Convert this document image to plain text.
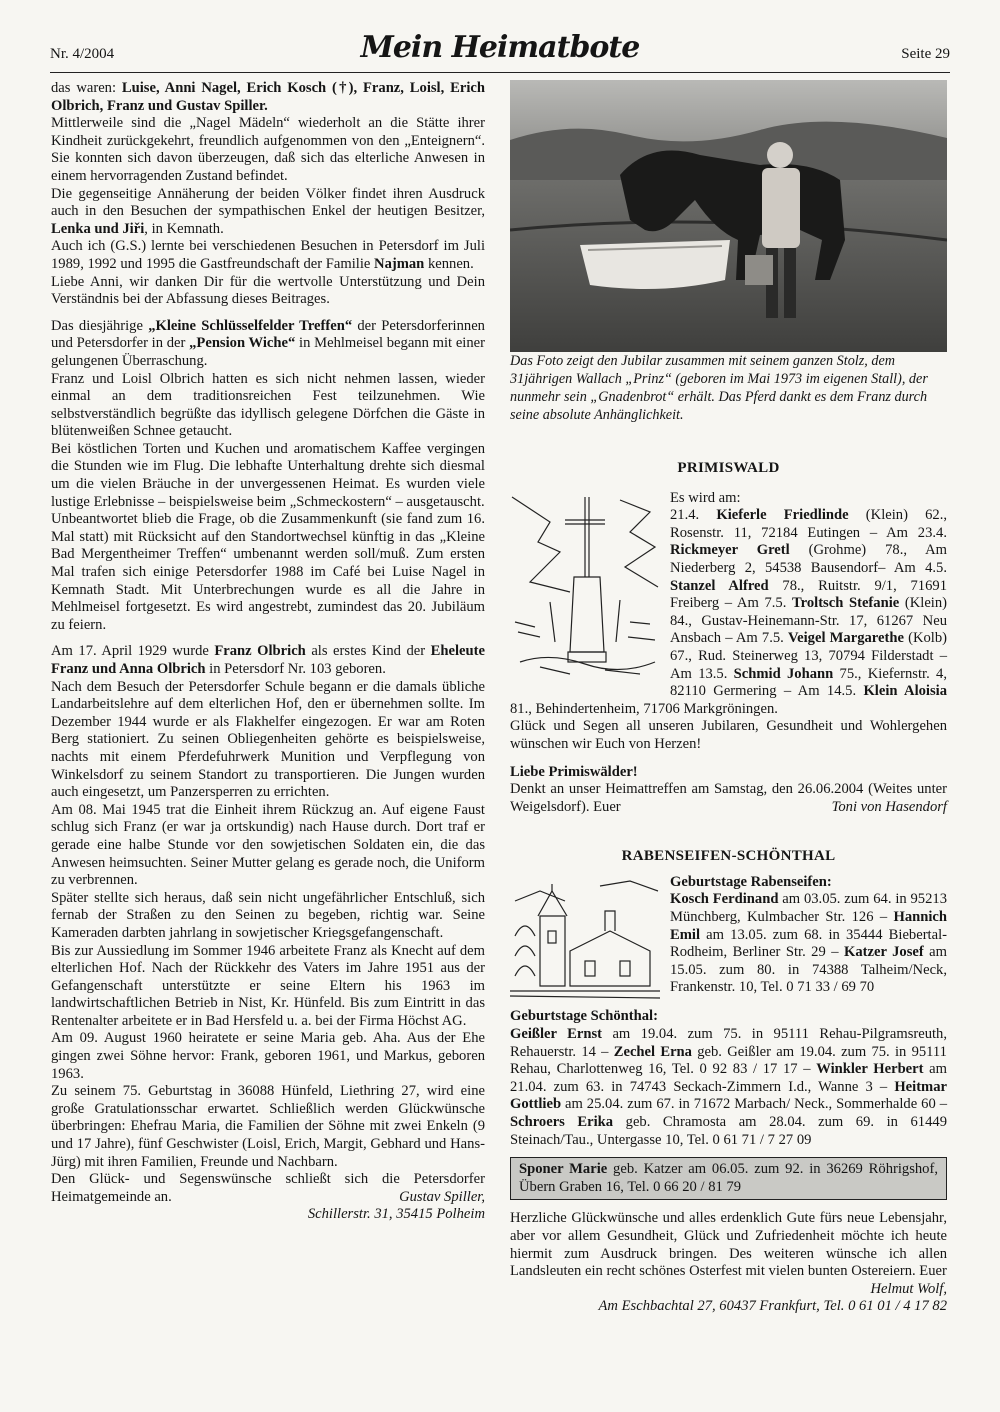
Nr. 4/2004	Mein Heimatbote	Seite 29

das waren: Luise, Anni Nagel, Erich Kosch (†), Franz, Loisl, Erich Olbrich, Franz und Gustav Spiller.

Mittlerweile sind die „Nagel Mädeln“ wiederholt an die Stätte ihrer Kindheit zurückgekehrt, freundlich aufgenommen von den „Enteignern“. Sie konnten sich davon überzeugen, daß sich das elterliche Anwesen in einem hervorragenden Zustand befindet.

Die gegenseitige Annäherung der beiden Völker findet ihren Ausdruck auch in den Besuchen der sympathischen Enkel der heutigen Besitzer, Lenka und Jiři, in Kemnath.

Auch ich (G.S.) lernte bei verschiedenen Besuchen in Petersdorf im Juli 1989, 1992 und 1995 die Gastfreundschaft der Familie Najman kennen.

Liebe Anni, wir danken Dir für die wertvolle Unterstützung und Dein Verständnis bei der Abfassung dieses Beitrages.

Das diesjährige „Kleine Schlüsselfelder Treffen“ der Petersdorferinnen und Petersdorfer in der „Pension Wiche“ in Mehlmeisel begann mit einer gelungenen Überraschung.

Franz und Loisl Olbrich hatten es sich nicht nehmen lassen, wieder einmal an dem traditionsreichen Fest teilzunehmen. Wie selbstverständlich begrüßte das idyllisch gelegene Dörfchen die Gäste in blütenweißen Schnee getaucht.

Bei köstlichen Torten und Kuchen und aromatischem Kaffee vergingen die Stunden wie im Flug. Die lebhafte Unterhaltung drehte sich diesmal um die vielen Bräuche in der unvergessenen Heimat. Es wurden viele lustige Erlebnisse – beispielsweise beim „Schmeckostern“ – ausgetauscht.

Unbeantwortet blieb die Frage, ob die Zusammenkunft (sie fand zum 16. Mal statt) mit Rücksicht auf den Standortwechsel künftig in das „Kleine Bad Mergentheimer Treffen“ umbenannt werden soll/muß. Zum ersten Mal trafen sich einige Petersdorfer 1988 im Café bei Luise Nagel in Kemnath Stadt. Mit Unterbrechungen wurde es all die Jahre in Mehlmeisel fortgesetzt. Es wird angestrebt, zumindest das 20. Jubiläum zu feiern.

Am 17. April 1929 wurde Franz Olbrich als erstes Kind der Eheleute Franz und Anna Olbrich in Petersdorf Nr. 103 geboren.

Nach dem Besuch der Petersdorfer Schule begann er die damals übliche Landarbeitslehre auf dem elterlichen Hof, den er übernehmen sollte. Im Dezember 1944 wurde er als Flakhelfer eingezogen. Er war am Roten Berg stationiert. Zu seinen Obliegenheiten gehörte es beispielsweise, nachts mit einem Pferdefuhrwerk Munition und Verpflegung von Winkelsdorf zu seinem Standort zu transportieren. Die Jungen wurden auch eingesetzt, um Panzersperren zu errichten.

Am 08. Mai 1945 trat die Einheit ihrem Rückzug an. Auf eigene Faust schlug sich Franz (er war ja ortskundig) nach Hause durch. Dort traf er gerade eine halbe Stunde vor den sowjetischen Soldaten ein, die das Anwesen heimsuchten. Seiner Mutter gelang es gerade noch, die Uniform zu verbrennen.

Später stellte sich heraus, daß sein nicht ungefährlicher Entschluß, sich fernab der Straßen zu den Seinen zu begeben, richtig war. Seine Kameraden darbten jahrlang in sowjetischer Kriegsgefangenschaft.

Bis zur Aussiedlung im Sommer 1946 arbeitete Franz als Knecht auf dem elterlichen Hof. Nach der Rückkehr des Vaters im Jahre 1951 aus der Gefangenschaft unterstützte er seine Eltern his 1963 im landwirtschaftlichen Betrieb in Nist, Kr. Hünfeld. Bis zum Eintritt in das Rentenalter arbeitete er in Bad Hersfeld u. a. bei der Firma Höchst AG.

Am 09. August 1960 heiratete er seine Maria geb. Aha. Aus der Ehe gingen zwei Söhne hervor: Frank, geboren 1961, und Markus, geboren 1963.

Zu seinem 75. Geburtstag in 36088 Hünfeld, Liethring 27, wird eine große Gratulationsschar erwartet. Schließlich werden Glückwünsche überbringen: Ehefrau Maria, die Familien der Söhne mit zwei Enkeln (9 und 17 Jahre), fünf Geschwister (Loisl, Erich, Margit, Gebhard und Hans-Jürg) mit ihren Familien, Freunde und Nachbarn.

Den Glück- und Segenswünsche schließt sich die Petersdorfer Heimatgemeinde an.	Gustav Spiller,

Schillerstr. 31, 35415 Polheim

Das Foto zeigt den Jubilar zusammen mit seinem ganzen Stolz, dem 31jährigen Wallach „Prinz“ (geboren im Mai 1973 im eigenen Stall), der nunmehr sein „Gnadenbrot“ erhält. Das Pferd dankt es dem Franz durch seine absolute Anhänglichkeit.

PRIMISWALD

Es wird am:
21.4. Kieferle Friedlinde (Klein) 62., Rosenstr. 11, 72184 Eutingen – Am 23.4. Rickmeyer Gretl (Grohme) 78., Am Niederberg 2, 54538 Bausendorf– Am 4.5. Stanzel Alfred 78., Ruitstr. 9/1, 71691 Freiberg – Am 7.5. Troltsch Stefanie (Klein) 84., Gustav-Heinemann-Str. 17, 61267 Neu Ansbach – Am 7.5. Veigel Margarethe (Kolb) 67., Rud. Steinerweg 13, 70794 Filderstadt – Am 13.5. Schmid Johann 75., Kiefernstr. 4, 82110 Germering – Am 14.5. Klein Aloisia 81., Behindertenheim, 71706 Markgröningen.

Glück und Segen all unseren Jubilaren, Gesundheit und Wohlergehen wünschen wir Euch von Herzen!

Liebe Primiswälder!

Denkt an unser Heimattreffen am Samstag, den 26.06.2004 (Weites unter Weigelsdorf). Euer	Toni von Hasendorf

RABENSEIFEN-SCHÖNTHAL

Geburtstage Rabenseifen:
Kosch Ferdinand am 03.05. zum 64. in 95213 Münchberg, Kulmbacher Str. 126 – Hannich Emil am 13.05. zum 68. in 35444 Biebertal-Rodheim, Berliner Str. 29 – Katzer Josef am 15.05. zum 80. in 74388 Talheim/Neck, Frankenstr. 10, Tel. 0 71 33 / 69 70

Geburtstage Schönthal:

Geißler Ernst am 19.04. zum 75. in 95111 Rehau-Pilgramsreuth, Rehauerstr. 14 – Zechel Erna geb. Geißler am 19.04. zum 75. in 95111 Rehau, Charlottenweg 16, Tel. 0 92 83 / 17 17 – Winkler Herbert am 21.04. zum 63. in 74743 Seckach-Zimmern I.d., Wanne 3 – Heitmar Gottlieb am 25.04. zum 67. in 71672 Marbach/ Neck., Sommerhalde 60 – Schroers Erika geb. Chramosta am 28.04. zum 69. in 61449 Steinach/Tau., Untergasse 10, Tel. 0 61 71 / 7 27 09

Sponer Marie geb. Katzer am 06.05. zum 92. in 36269 Röhrigshof, Übern Graben 16, Tel. 0 66 20 / 81 79

Herzliche Glückwünsche und alles erdenklich Gute fürs neue Lebensjahr, aber vor allem Gesundheit, Glück und Zufriedenheit möchte ich heute hiermit zum Ausdruck bringen. Des weiteren wünsche ich allen Landsleuten ein recht schönes Osterfest mit vielen bunten Ostereiern. Euer
Helmut Wolf,

Am Eschbachtal 27, 60437 Frankfurt, Tel. 0 61 01 / 4 17 82
